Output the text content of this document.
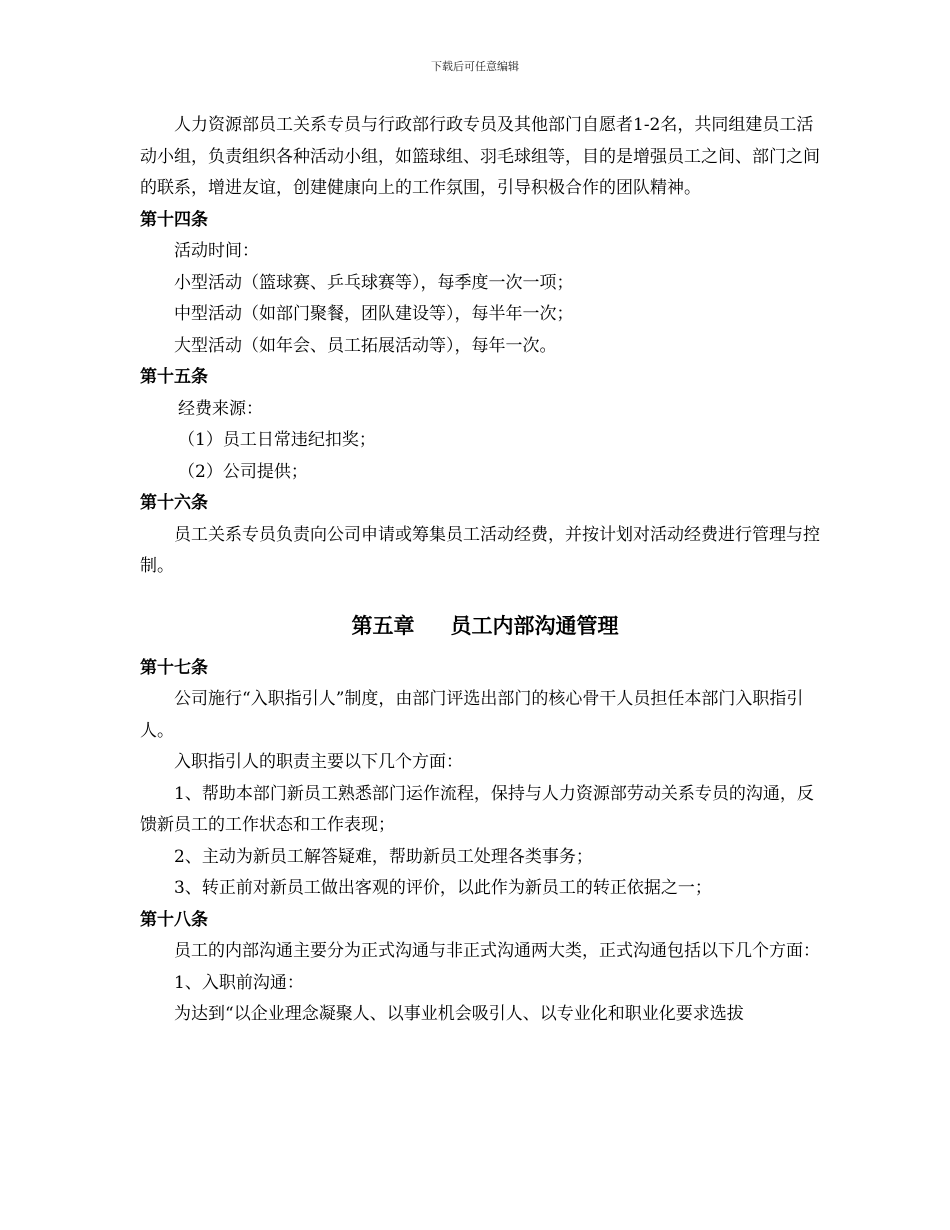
下载后可任意编辑

人力资源部员工关系专员与行政部行政专员及其他部门自愿者1-2名，共同组建员工活动小组，负责组织各种活动小组，如篮球组、羽毛球组等，目的是增强员工之间、部门之间的联系，增进友谊，创建健康向上的工作氛围，引导积极合作的团队精神。

第十四条

活动时间：

小型活动（篮球赛、乒乓球赛等），每季度一次一项；

中型活动（如部门聚餐，团队建设等），每半年一次；

大型活动（如年会、员工拓展活动等），每年一次。

第十五条

经费来源：

（1）员工日常违纪扣奖；

（2）公司提供；

第十六条

员工关系专员负责向公司申请或筹集员工活动经费，并按计划对活动经费进行管理与控制。

第五章 员工内部沟通管理

第十七条

公司施行“入职指引人”制度，由部门评选出部门的核心骨干人员担任本部门入职指引人。

入职指引人的职责主要以下几个方面：

1、帮助本部门新员工熟悉部门运作流程，保持与人力资源部劳动关系专员的沟通，反馈新员工的工作状态和工作表现；

2、主动为新员工解答疑难，帮助新员工处理各类事务；

3、转正前对新员工做出客观的评价，以此作为新员工的转正依据之一；

第十八条

员工的内部沟通主要分为正式沟通与非正式沟通两大类，正式沟通包括以下几个方面：

1、入职前沟通：

为达到“以企业理念凝聚人、以事业机会吸引人、以专业化和职业化要求选拔
